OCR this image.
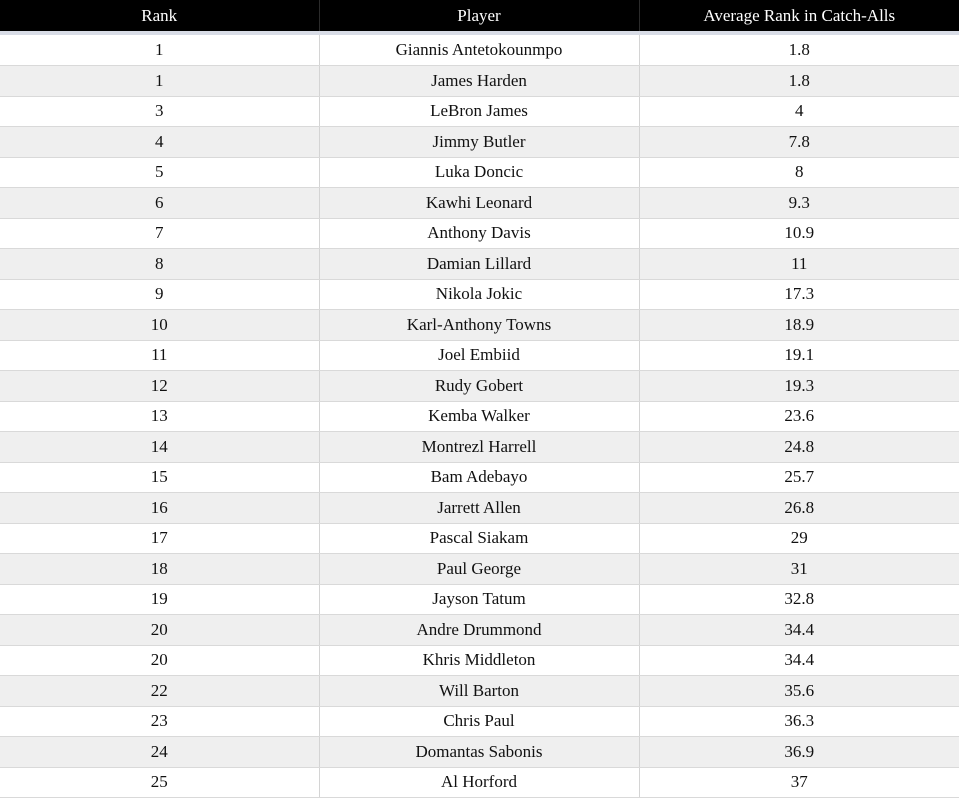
Rank	Player	Average Rank in Catch-Alls

1	Giannis Antetokounmpo	1.8
1	James Harden	1.8
3	LeBron James	4
4	Jimmy Butler	7.8
5	Luka Doncic	8
6	Kawhi Leonard	9.3
7	Anthony Davis	10.9
8	Damian Lillard	11
9	Nikola Jokic	17.3
10	Karl-Anthony Towns	18.9
11	Joel Embiid	19.1
12	Rudy Gobert	19.3
13	Kemba Walker	23.6
14	Montrezl Harrell	24.8
15	Bam Adebayo	25.7
16	Jarrett Allen	26.8
17	Pascal Siakam	29
18	Paul George	31
19	Jayson Tatum	32.8
20	Andre Drummond	34.4
20	Khris Middleton	34.4
22	Will Barton	35.6
23	Chris Paul	36.3
24	Domantas Sabonis	36.9
25	Al Horford	37
